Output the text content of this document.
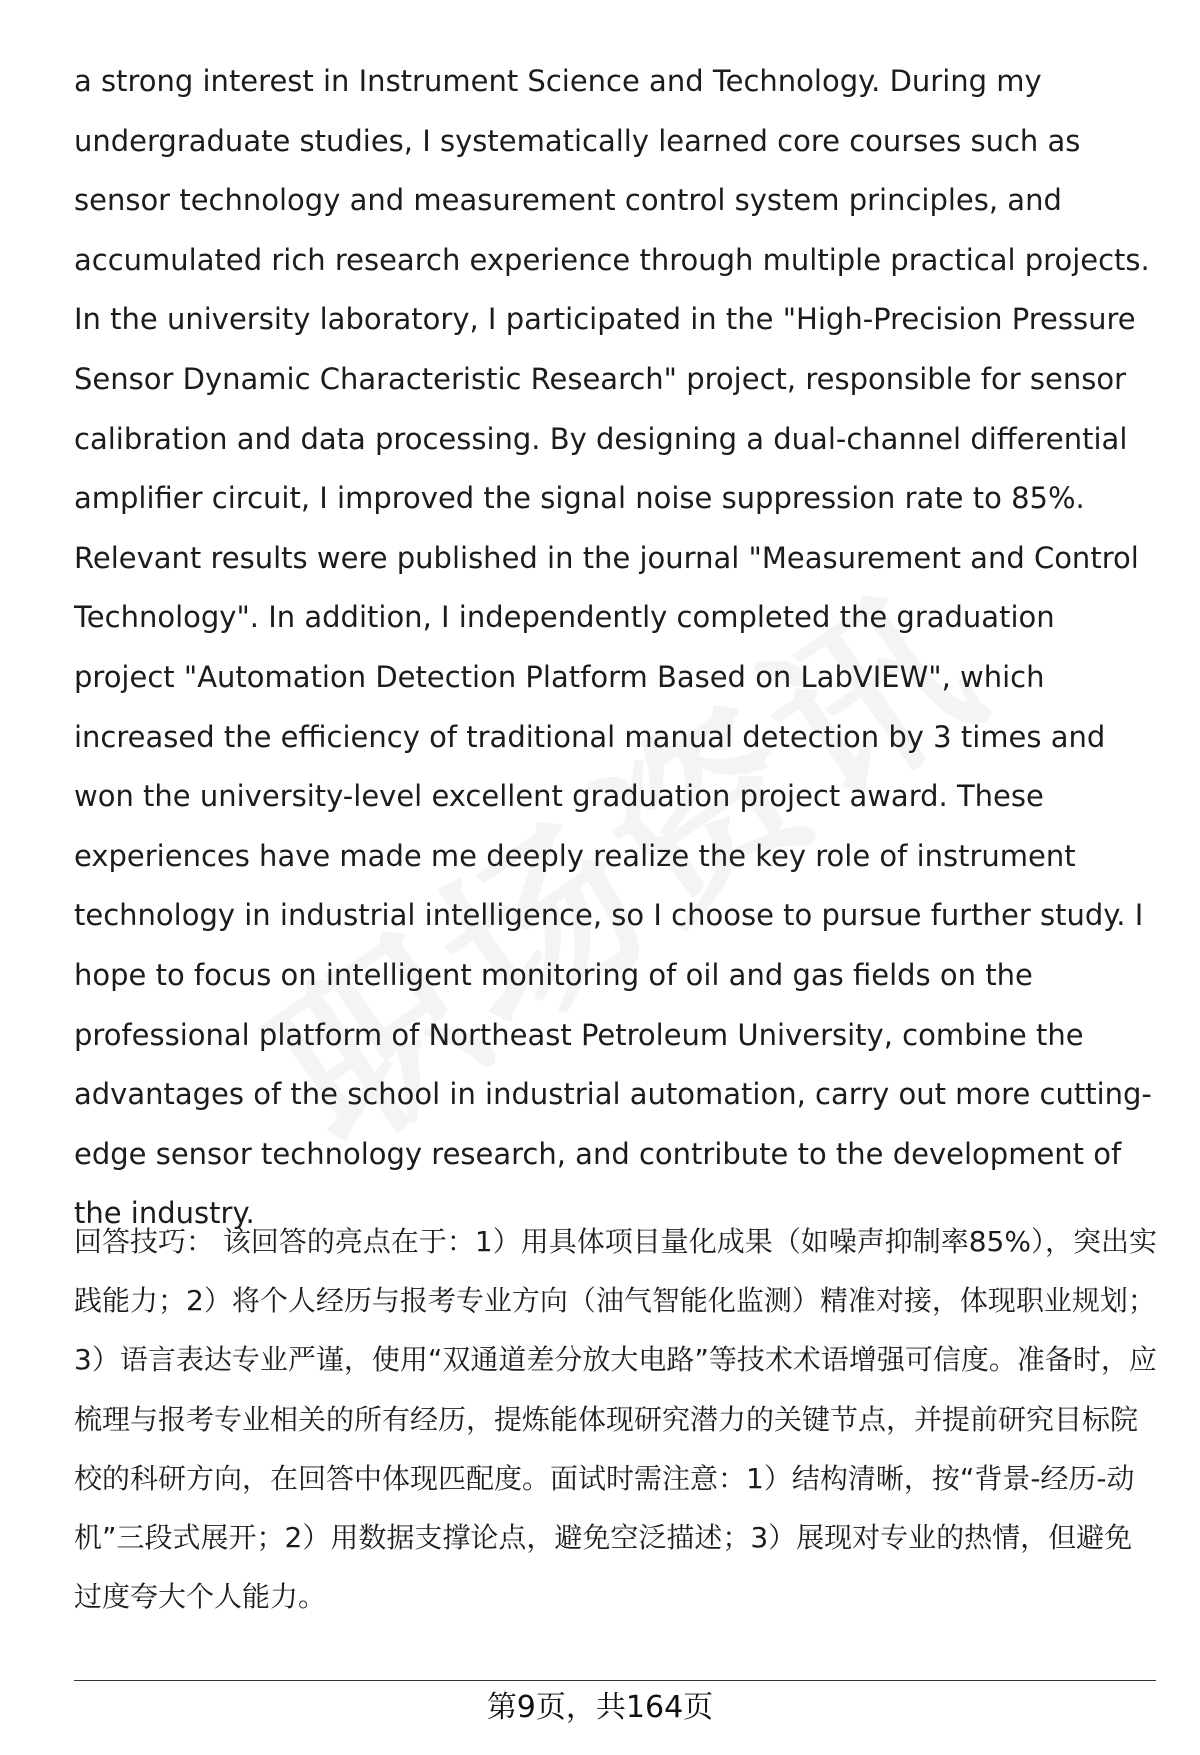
a strong interest in Instrument Science and Technology. During my undergraduate studies, I systematically learned core courses such as sensor technology and measurement control system principles, and accumulated rich research experience through multiple practical projects. In the university laboratory, I participated in the "High-Precision Pressure Sensor Dynamic Characteristic Research" project, responsible for sensor calibration and data processing. By designing a dual-channel differential amplifier circuit, I improved the signal noise suppression rate to 85%. Relevant results were published in the journal "Measurement and Control Technology". In addition, I independently completed the graduation project "Automation Detection Platform Based on LabVIEW", which increased the efficiency of traditional manual detection by 3 times and won the university-level excellent graduation project award. These experiences have made me deeply realize the key role of instrument technology in industrial intelligence, so I choose to pursue further study. I hope to focus on intelligent monitoring of oil and gas fields on the professional platform of Northeast Petroleum University, combine the advantages of the school in industrial automation, carry out more cutting-edge sensor technology research, and contribute to the development of the industry.

回答技巧： 该回答的亮点在于：1）用具体项目量化成果（如噪声抑制率85%），突出实践能力；2）将个人经历与报考专业方向（油气智能化监测）精准对接，体现职业规划；3）语言表达专业严谨，使用“双通道差分放大电路”等技术术语增强可信度。准备时，应梳理与报考专业相关的所有经历，提炼能体现研究潜力的关键节点，并提前研究目标院校的科研方向，在回答中体现匹配度。面试时需注意：1）结构清晰，按“背景-经历-动机”三段式展开；2）用数据支撑论点，避免空泛描述；3）展现对专业的热情，但避免过度夸大个人能力。

第9页，共164页
